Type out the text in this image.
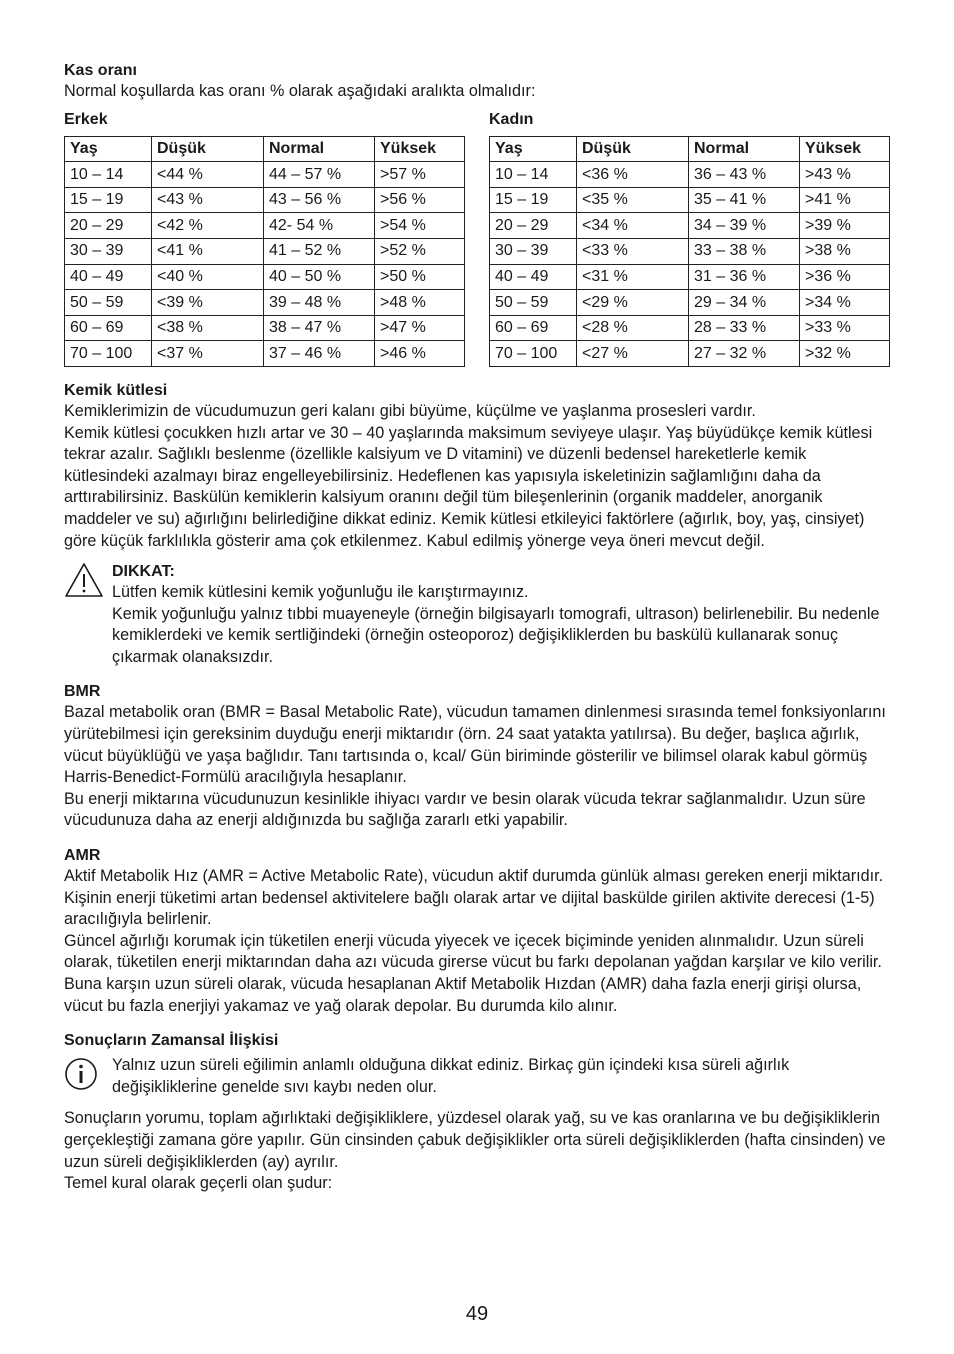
Kas oranı

Normal koşullarda kas oranı % olarak aşağıdaki aralıkta olmalıdır:

Erkek
Yaş	Düşük	Normal	Yüksek
10 – 14	<44 %	44 – 57 %	>57 %
15 – 19	<43 %	43 – 56 %	>56 %
20 – 29	<42 %	42- 54 %	>54 %
30 – 39	<41 %	41 – 52 %	>52 %
40 – 49	<40 %	40 – 50 %	>50 %
50 – 59	<39 %	39 – 48 %	>48 %
60 – 69	<38 %	38 – 47 %	>47 %
70 – 100	<37 %	37 – 46 %	>46 %
Kadın
Yaş	Düşük	Normal	Yüksek
10 – 14	<36 %	36 – 43 %	>43 %
15 – 19	<35 %	35 – 41 %	>41 %
20 – 29	<34 %	34 – 39 %	>39 %
30 – 39	<33 %	33 – 38 %	>38 %
40 – 49	<31 %	31 – 36 %	>36 %
50 – 59	<29 %	29 – 34 %	>34 %
60 – 69	<28 %	28 – 33 %	>33 %
70 – 100	<27 %	27 – 32 %	>32 %
Kemik kütlesi

Kemiklerimizin de vücudumuzun geri kalanı gibi büyüme, küçülme ve yaşlanma prosesleri vardır.

Kemik kütlesi çocukken hızlı artar ve 30 – 40 yaşlarında maksimum seviyeye ulaşır. Yaş büyüdükçe kemik kütlesi tekrar azalır. Sağlıklı beslenme (özellikle kalsiyum ve D vitamini) ve düzenli bedensel hareketlerle kemik kütlesindeki azalmayı biraz engelleyebilirsiniz. Hedeflenen kas yapısıyla iskeletinizin sağlamlığını daha da arttırabilirsiniz. Baskülün kemiklerin kalsiyum oranını değil tüm bileşenlerinin (organik maddeler, anorganik maddeler ve su) ağırlığını belirlediğine dikkat ediniz. Kemik kütlesi etkileyici faktörlere (ağırlık, boy, yaş, cinsiyet) göre küçük farklılıkla gösterir ama çok etkilenmez. Kabul edilmiş yönerge veya öneri mevcut değil.

DIKKAT:

Lütfen kemik kütlesini kemik yoğunluğu ile karıştırmayınız.

Kemik yoğunluğu yalnız tıbbi muayeneyle (örneğin bilgisayarlı tomografi, ultrason) belirlenebilir. Bu nedenle kemiklerdeki ve kemik sertliğindeki (örneğin osteoporoz) değişikliklerden bu baskülü kullanarak sonuç çıkarmak olanaksızdır.

BMR

Bazal metabolik oran (BMR = Basal Metabolic Rate), vücudun tamamen dinlenmesi sırasında temel fonksiyonlarını yürütebilmesi için gereksinim duyduğu enerji miktarıdır (örn. 24 saat yatakta yatılırsa). Bu değer, başlıca ağırlık, vücut büyüklüğü ve yaşa bağlıdır. Tanı tartısında o, kcal/ Gün biriminde gösterilir ve bilimsel olarak kabul görmüş Harris-Benedict-Formülü aracılığıyla hesaplanır.

Bu enerji miktarına vücudunuzun kesinlikle ihiyacı vardır ve besin olarak vücuda tekrar sağlanmalıdır. Uzun süre vücudunuza daha az enerji aldığınızda bu sağlığa zararlı etki yapabilir.

AMR

Aktif Metabolik Hız (AMR = Active Metabolic Rate), vücudun aktif durumda günlük alması gereken enerji miktarıdır. Kişinin enerji tüketimi artan bedensel aktivitelere bağlı olarak artar ve dijital baskülde girilen aktivite derecesi (1-5) aracılığıyla belirlenir.

Güncel ağırlığı korumak için tüketilen enerji vücuda yiyecek ve içecek biçiminde yeniden alınmalıdır. Uzun süreli olarak, tüketilen enerji miktarından daha azı vücuda girerse vücut bu farkı depolanan yağdan karşılar ve kilo verilir.

Buna karşın uzun süreli olarak, vücuda hesaplanan Aktif Metabolik Hızdan (AMR) daha fazla enerji girişi olursa, vücut bu fazla enerjiyi yakamaz ve yağ olarak depolar. Bu durumda kilo alınır.

Sonuçların Zamansal İlişkisi

Yalnız uzun süreli eğilimin anlamlı olduğuna dikkat ediniz. Birkaç gün içindeki kısa süreli ağırlık değişiklikleri̇ne genelde sıvı kaybı neden olur.

Sonuçların yorumu, toplam ağırlıktaki değişikliklere, yüzdesel olarak yağ, su ve kas oranlarına ve bu değişikliklerin gerçekleştiği zamana göre yapılır. Gün cinsinden çabuk değişiklikler orta süreli değişikliklerden (hafta cinsinden) ve uzun süreli değişikliklerden (ay) ayrılır.

Temel kural olarak geçerli olan şudur:

49
